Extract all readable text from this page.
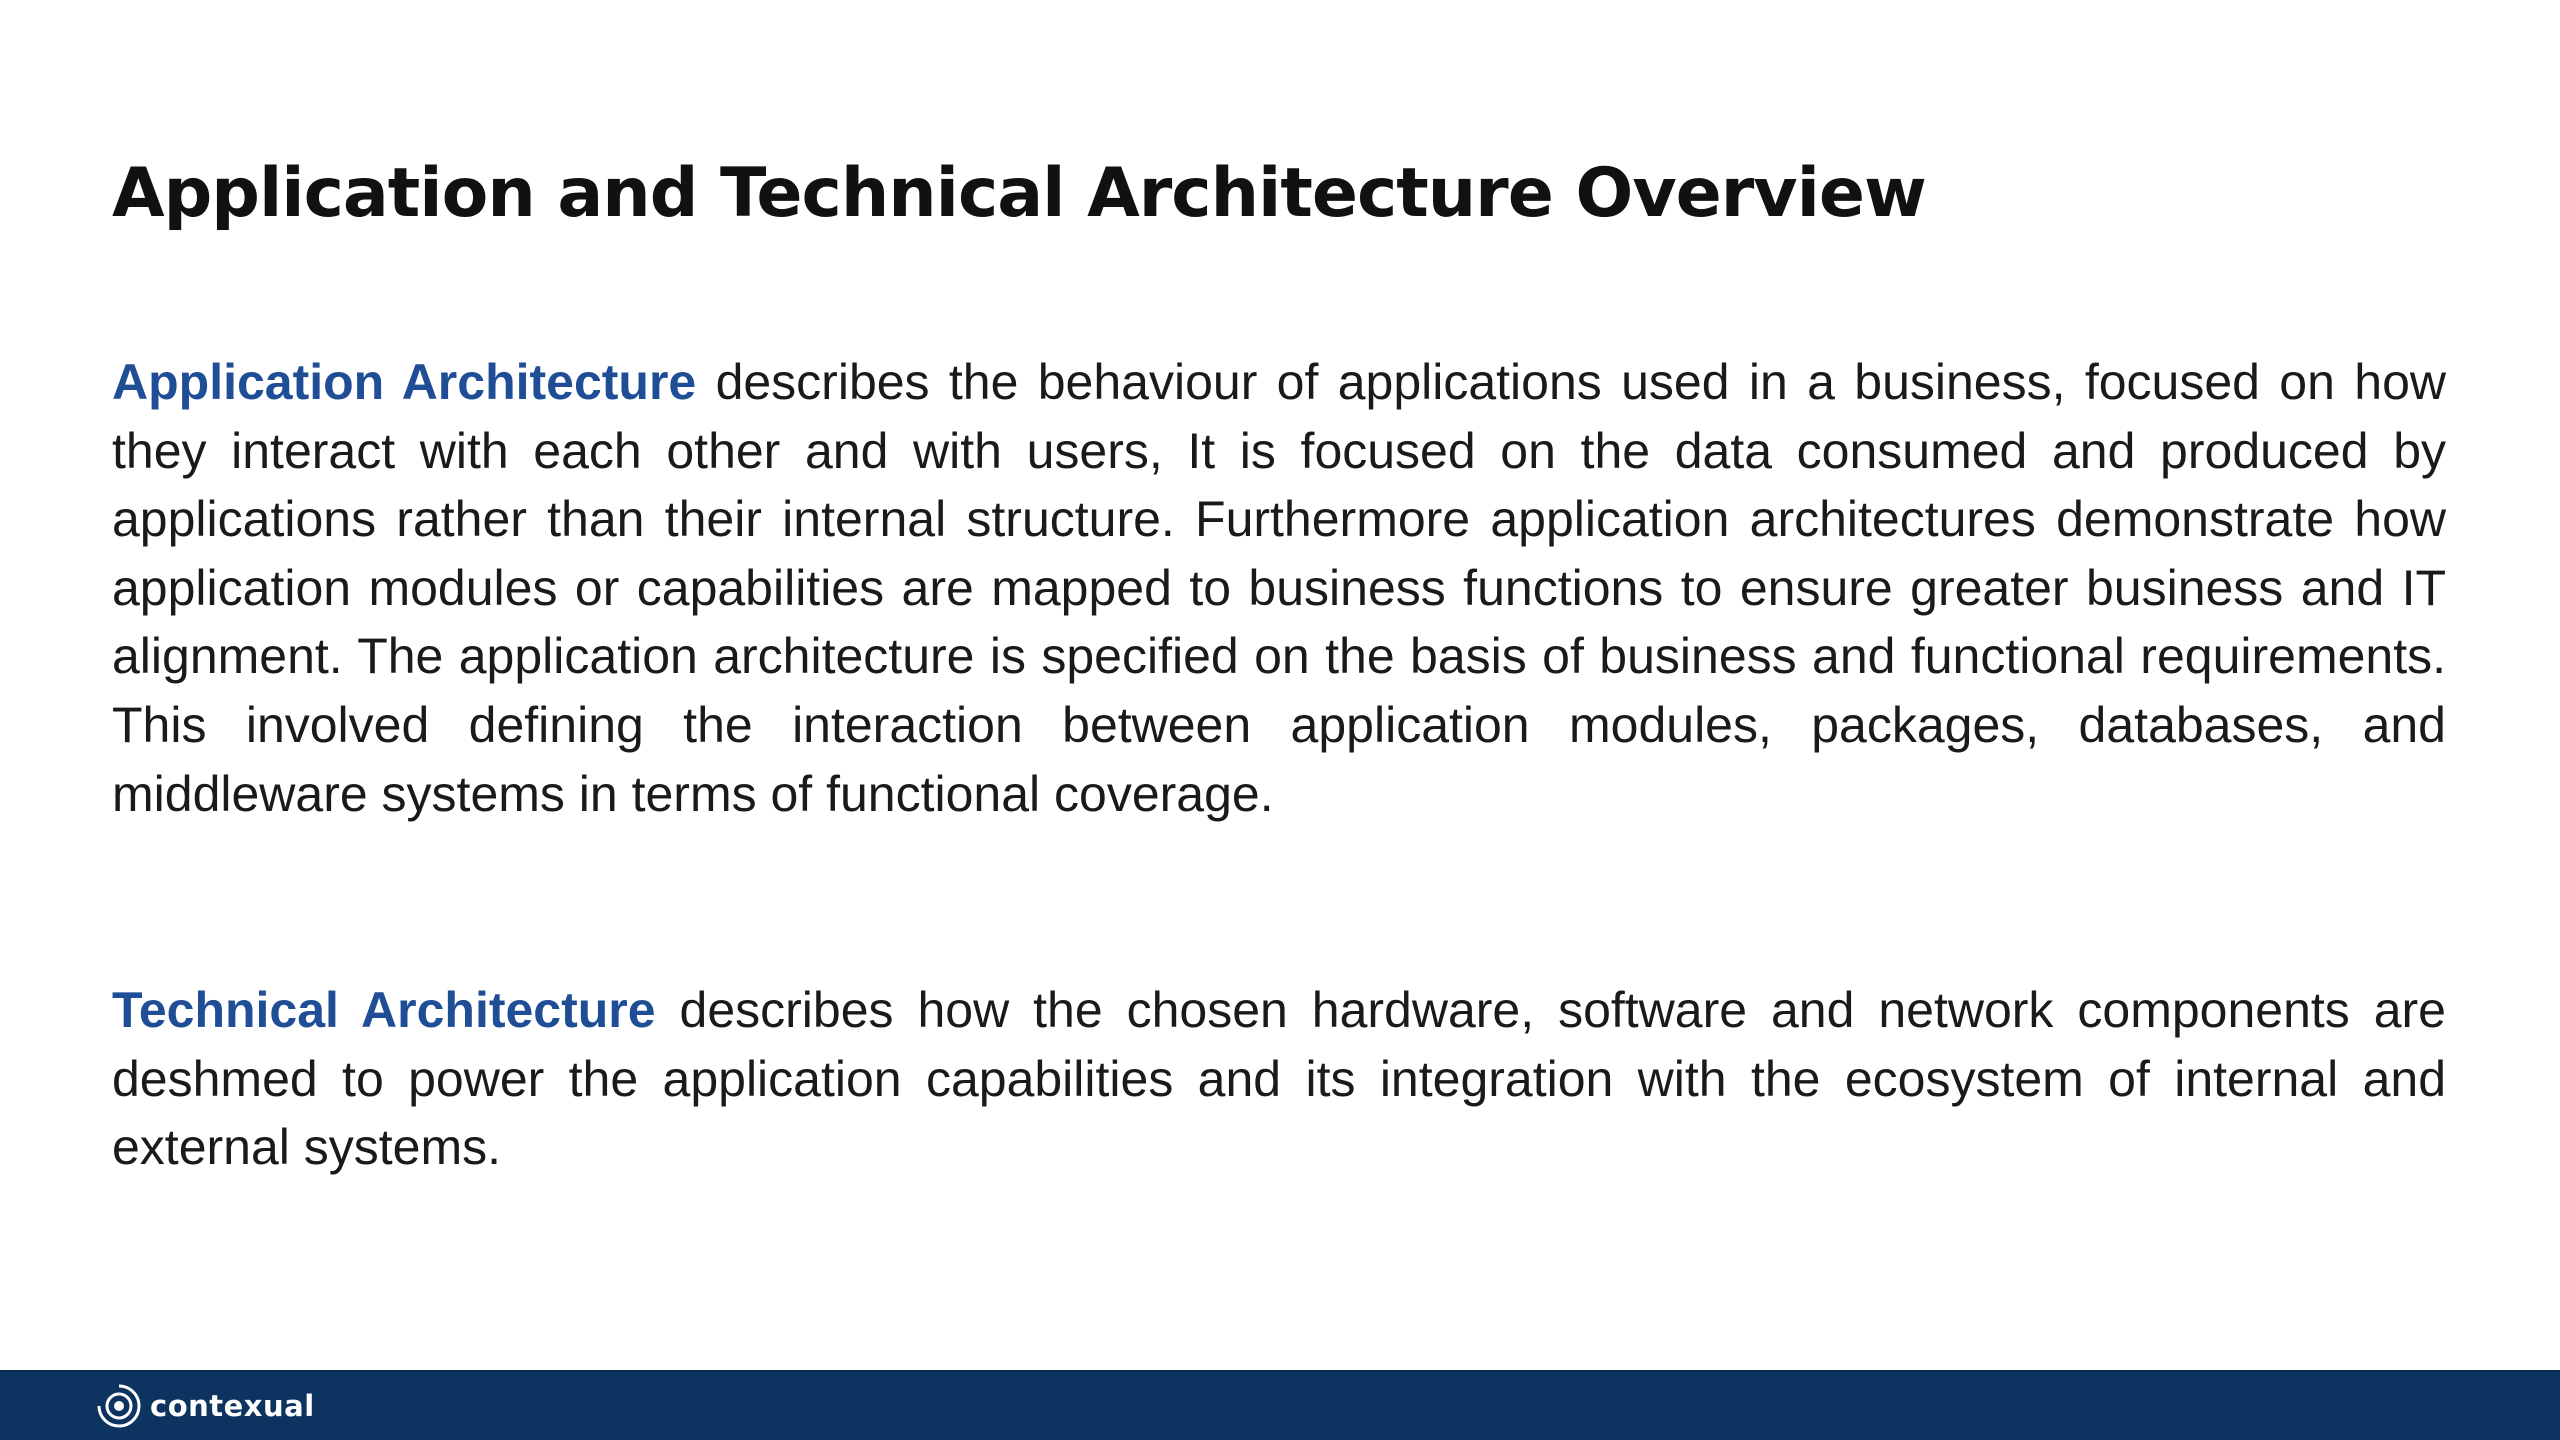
Application and Technical Architecture Overview

Application Architecture describes the behaviour of applications used in a business, focused on how they interact with each other and with users, It is focused on the data consumed and produced by applications rather than their internal structure. Furthermore application architectures demonstrate how application modules or capabilities are mapped to business functions to ensure greater business and IT alignment. The application architecture is specified on the basis of business and functional requirements. This involved defining the interaction between application modules, packages, databases, and middleware systems in terms of functional coverage.

Technical Architecture describes how the chosen hardware, software and network components are deshmed to power the application capabilities and its integration with the ecosystem of internal and external systems.

contexual
